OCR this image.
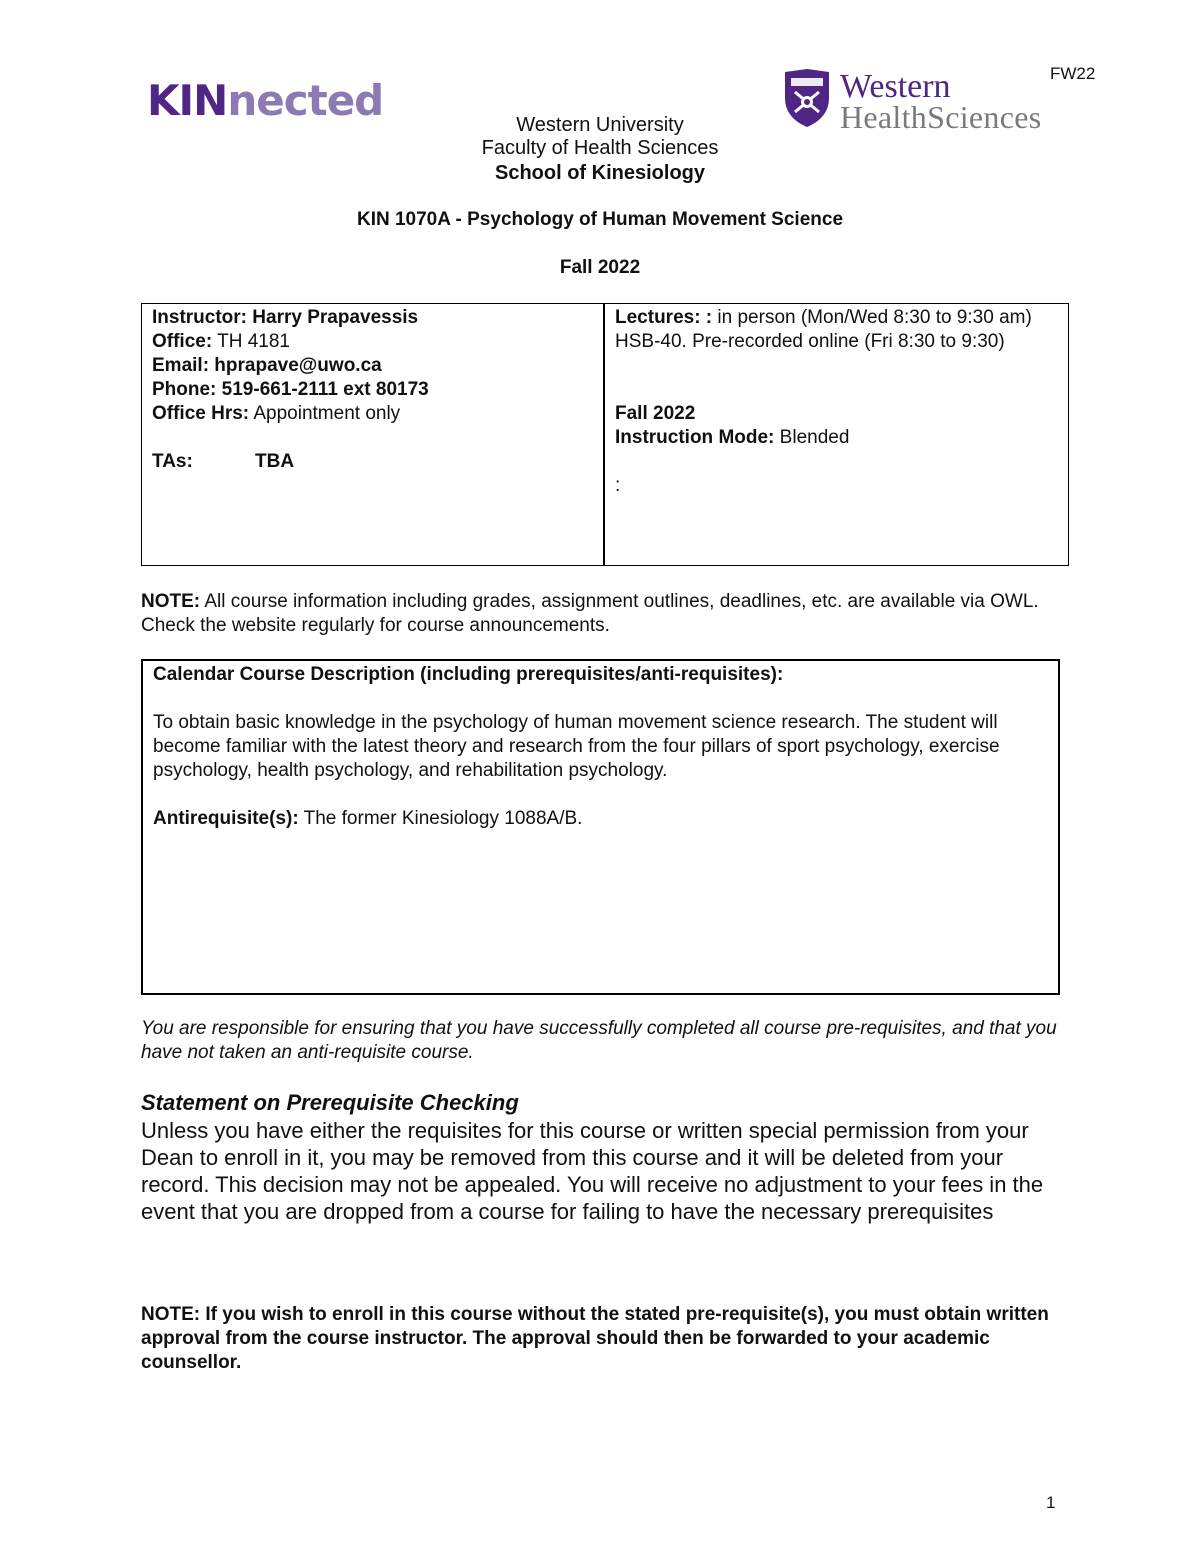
FW22
KINnected	Western
HealthSciences
Western University
Faculty of Health Sciences
School of Kinesiology
KIN 1070A - Psychology of Human Movement Science
Fall 2022
Instructor: Harry Prapavessis
Office: TH 4181
Email: hprapave@uwo.ca
Phone: 519-661-2111 ext 80173
Office Hrs: Appointment only
TAs:	TBA
Lectures: : in person (Mon/Wed 8:30 to 9:30 am) HSB-40. Pre-recorded online (Fri 8:30 to 9:30)
Fall 2022
Instruction Mode: Blended
:
NOTE: All course information including grades, assignment outlines, deadlines, etc. are available via OWL. Check the website regularly for course announcements.

Calendar Course Description (including prerequisites/anti-requisites):

To obtain basic knowledge in the psychology of human movement science research. The student will become familiar with the latest theory and research from the four pillars of sport psychology, exercise psychology, health psychology, and rehabilitation psychology.

Antirequisite(s): The former Kinesiology 1088A/B.

You are responsible for ensuring that you have successfully completed all course pre-requisites, and that you have not taken an anti-requisite course.
Statement on Prerequisite Checking
Unless you have either the requisites for this course or written special permission from your Dean to enroll in it, you may be removed from this course and it will be deleted from your record. This decision may not be appealed. You will receive no adjustment to your fees in the event that you are dropped from a course for failing to have the necessary prerequisites
NOTE: If you wish to enroll in this course without the stated pre-requisite(s), you must obtain written approval from the course instructor. The approval should then be forwarded to your academic counsellor.
1
